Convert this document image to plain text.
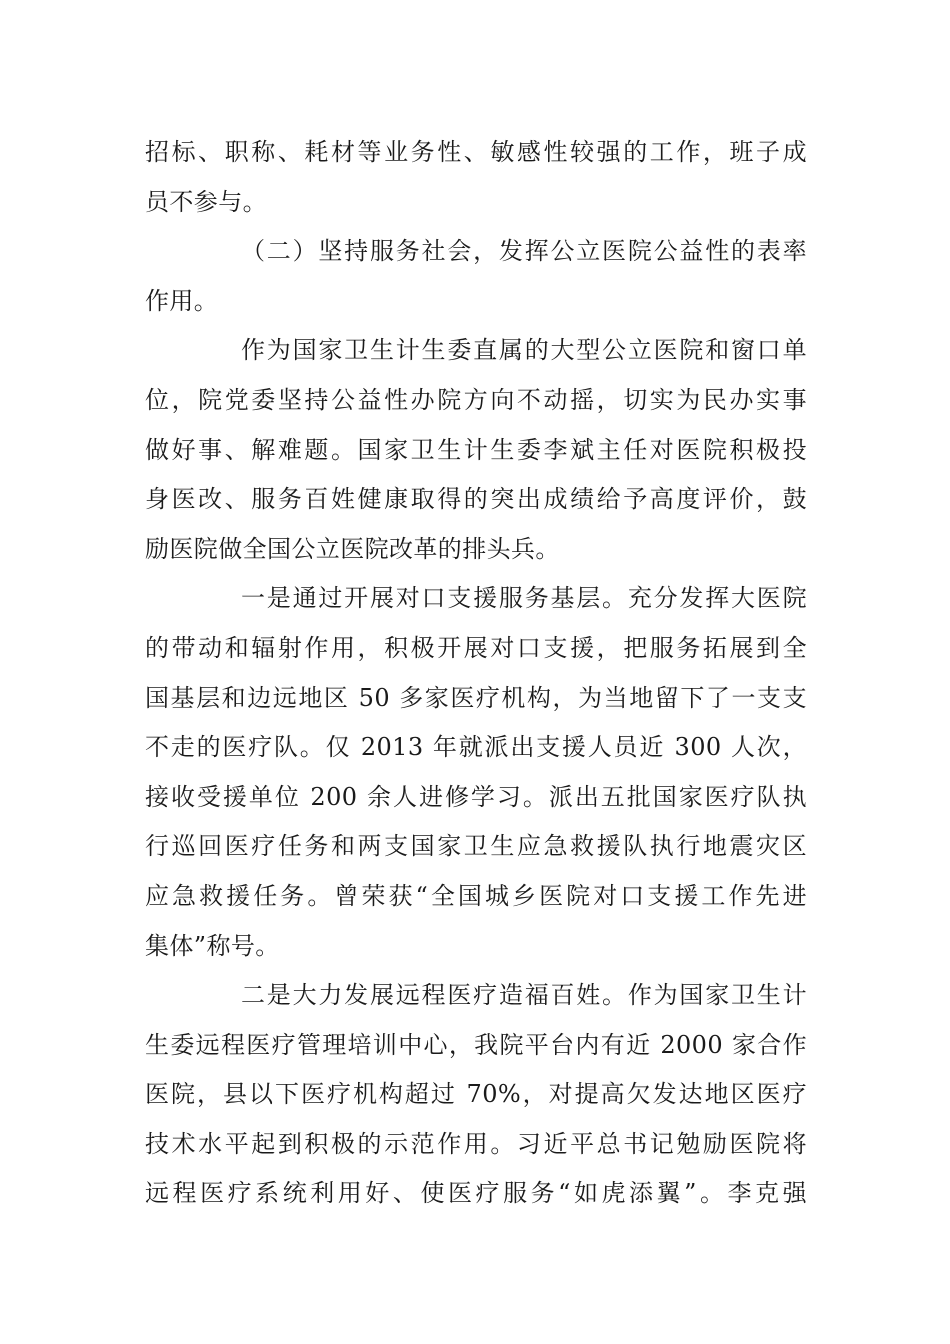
招标、职称、耗材等业务性、敏感性较强的工作，班子成
员不参与。
（二）坚持服务社会，发挥公立医院公益性的表率
作用。
作为国家卫生计生委直属的大型公立医院和窗口单
位，院党委坚持公益性办院方向不动摇，切实为民办实事
做好事、解难题。国家卫生计生委李斌主任对医院积极投
身医改、服务百姓健康取得的突出成绩给予高度评价，鼓
励医院做全国公立医院改革的排头兵。
一是通过开展对口支援服务基层。充分发挥大医院
的带动和辐射作用，积极开展对口支援，把服务拓展到全
国基层和边远地区 50 多家医疗机构，为当地留下了一支支
不走的医疗队。仅 2013 年就派出支援人员近 300 人次，
接收受援单位 200 余人进修学习。派出五批国家医疗队执
行巡回医疗任务和两支国家卫生应急救援队执行地震灾区
应急救援任务。曾荣获“全国城乡医院对口支援工作先进
集体”称号。
二是大力发展远程医疗造福百姓。作为国家卫生计
生委远程医疗管理培训中心，我院平台内有近 2000 家合作
医院，县以下医疗机构超过 70%，对提高欠发达地区医疗
技术水平起到积极的示范作用。习近平总书记勉励医院将
远程医疗系统利用好、使医疗服务“如虎添翼”。李克强
